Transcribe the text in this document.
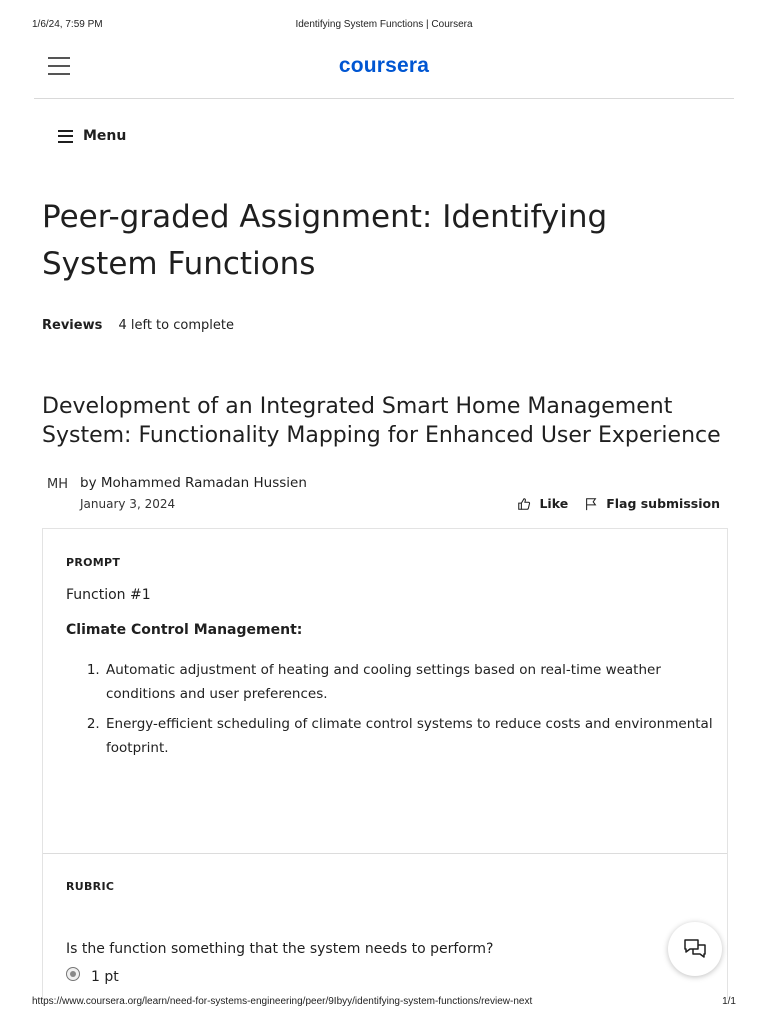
1/6/24, 7:59 PM	Identifying System Functions | Coursera
coursera
Menu
Peer-graded Assignment: Identifying System Functions
Reviews 4 left to complete
Development of an Integrated Smart Home Management System: Functionality Mapping for Enhanced User Experience
MH by Mohammed Ramadan Hussien
January 3, 2024	Like	Flag submission
PROMPT
Function #1
Climate Control Management:
1. Automatic adjustment of heating and cooling settings based on real-time weather conditions and user preferences.
2. Energy-efficient scheduling of climate control systems to reduce costs and environmental footprint.
RUBRIC
Is the function something that the system needs to perform?
1 pt
https://www.coursera.org/learn/need-for-systems-engineering/peer/9Ibyy/identifying-system-functions/review-next	1/1
